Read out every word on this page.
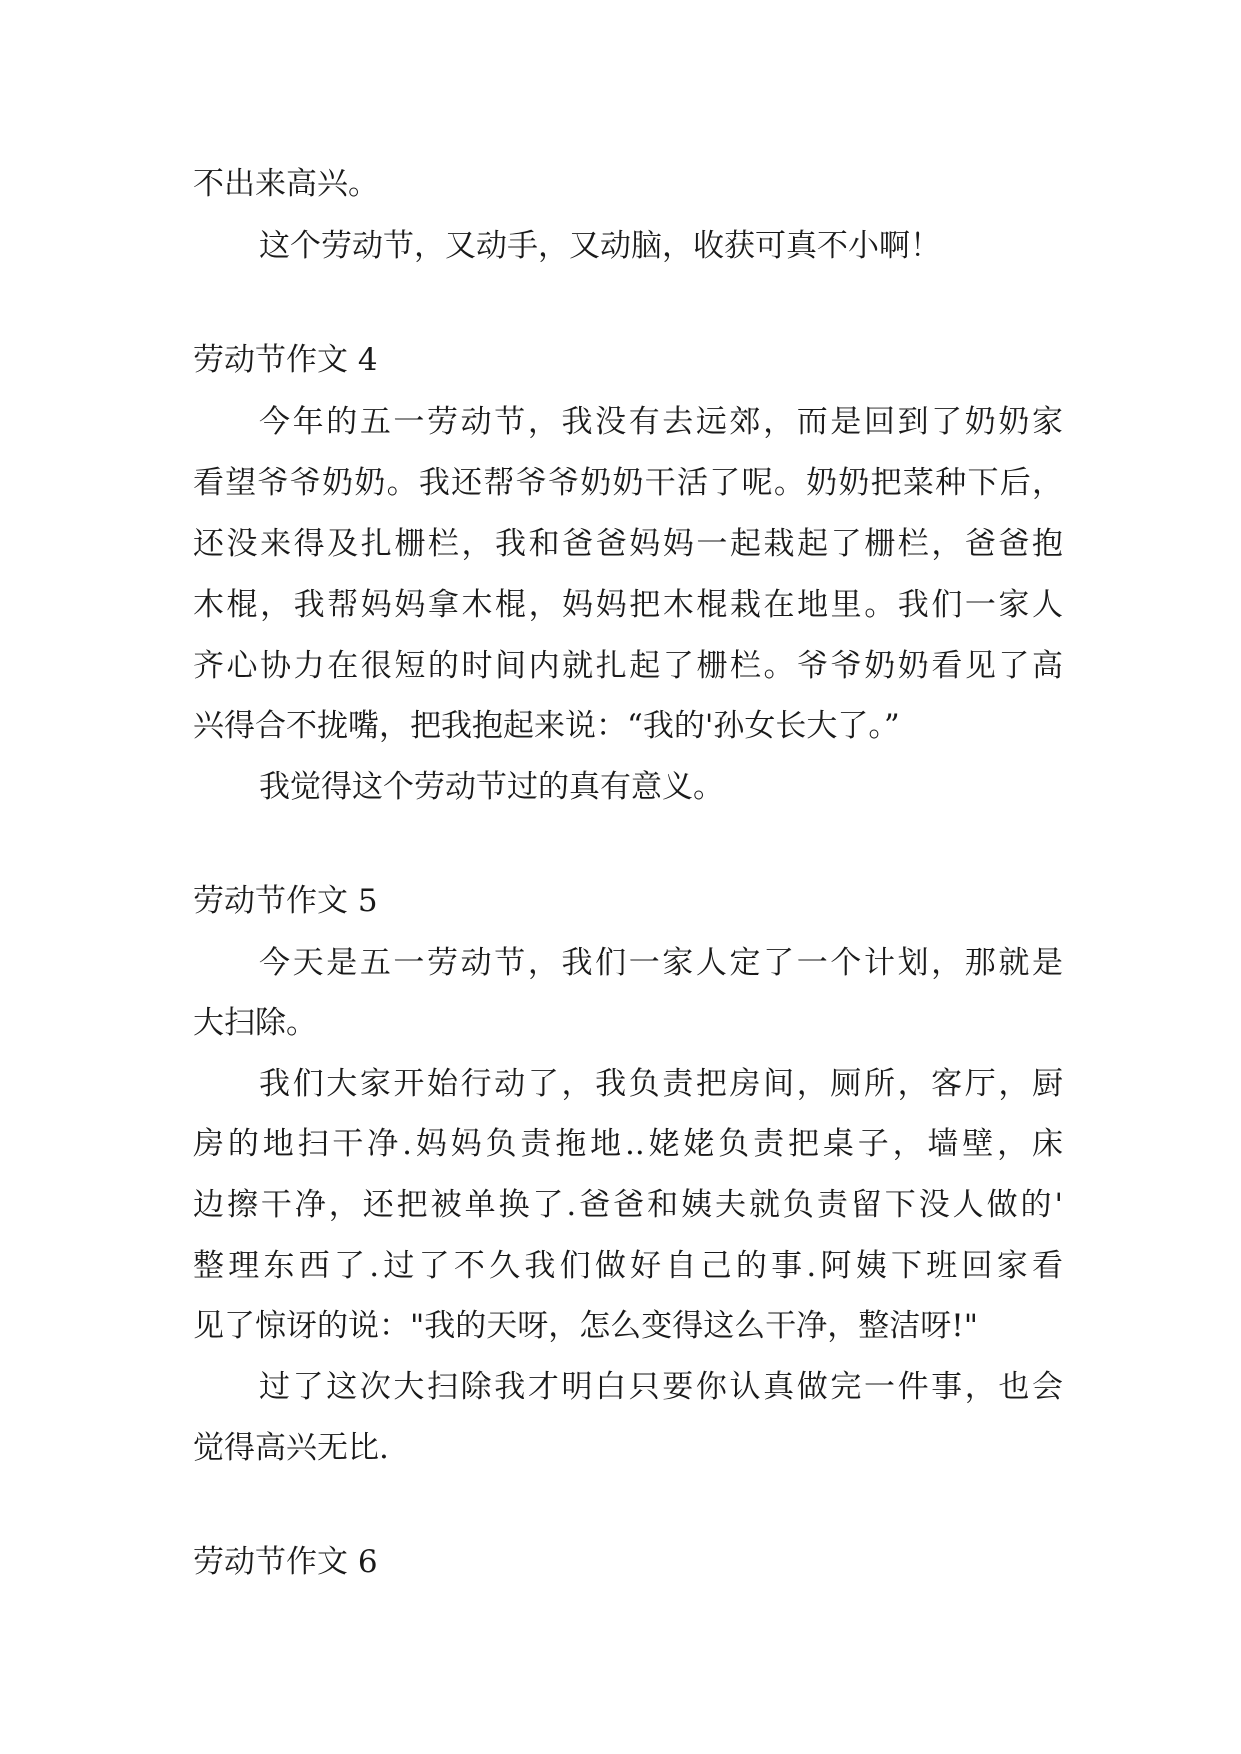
不出来高兴。
这个劳动节，又动手，又动脑，收获可真不小啊！
劳动节作文 4
今年的五一劳动节，我没有去远郊，而是回到了奶奶家
看望爷爷奶奶。我还帮爷爷奶奶干活了呢。奶奶把菜种下后，
还没来得及扎栅栏，我和爸爸妈妈一起栽起了栅栏，爸爸抱
木棍，我帮妈妈拿木棍，妈妈把木棍栽在地里。我们一家人
齐心协力在很短的时间内就扎起了栅栏。爷爷奶奶看见了高
兴得合不拢嘴，把我抱起来说：“我的'孙女长大了。”
我觉得这个劳动节过的真有意义。
劳动节作文 5
今天是五一劳动节，我们一家人定了一个计划，那就是
大扫除。
我们大家开始行动了，我负责把房间，厕所，客厅，厨
房的地扫干净.妈妈负责拖地..姥姥负责把桌子，墙壁，床
边擦干净，还把被单换了.爸爸和姨夫就负责留下没人做的'
整理东西了.过了不久我们做好自己的事.阿姨下班回家看
见了惊讶的说："我的天呀，怎么变得这么干净，整洁呀!"
过了这次大扫除我才明白只要你认真做完一件事，也会
觉得高兴无比.
劳动节作文 6
